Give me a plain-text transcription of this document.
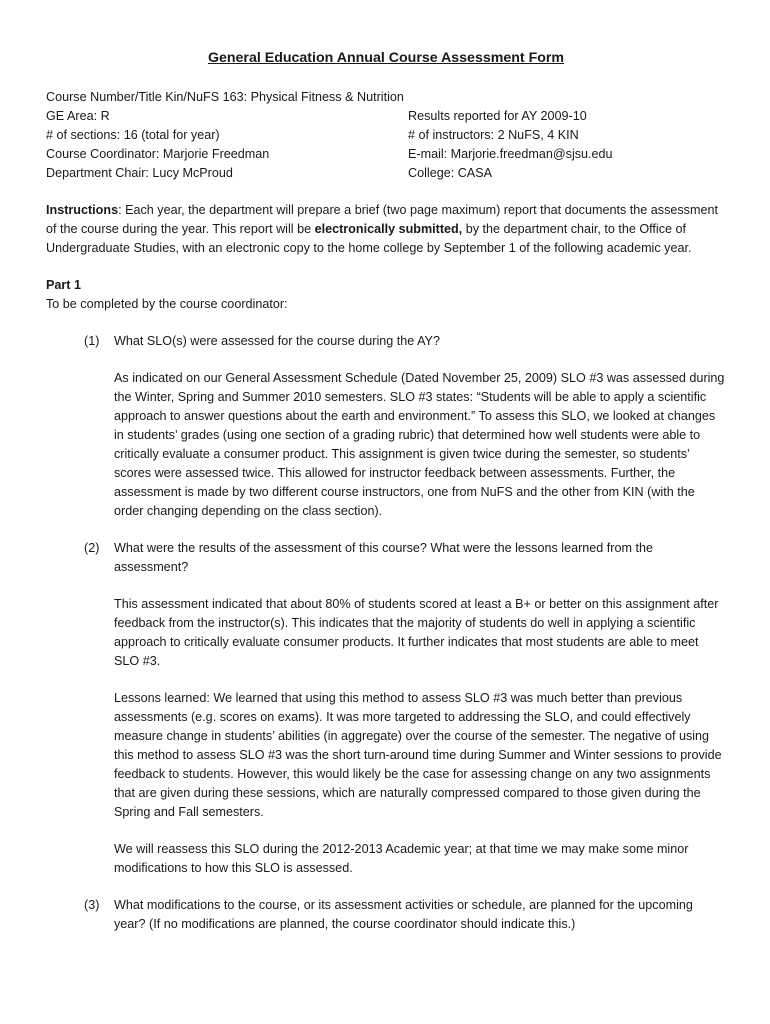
General Education Annual Course Assessment Form
Course Number/Title Kin/NuFS 163: Physical Fitness & Nutrition
GE Area: R	Results reported for AY 2009-10
# of sections: 16 (total for year)	# of instructors: 2 NuFS, 4 KIN
Course Coordinator: Marjorie Freedman	E-mail: Marjorie.freedman@sjsu.edu
Department Chair: Lucy McProud	College: CASA

Instructions: Each year, the department will prepare a brief (two page maximum) report that documents the assessment of the course during the year. This report will be electronically submitted, by the department chair, to the Office of Undergraduate Studies, with an electronic copy to the home college by September 1 of the following academic year.

Part 1

To be completed by the course coordinator:

(1)	What SLO(s) were assessed for the course during the AY?

As indicated on our General Assessment Schedule (Dated November 25, 2009) SLO #3 was assessed during the Winter, Spring and Summer 2010 semesters. SLO #3 states: “Students will be able to apply a scientific approach to answer questions about the earth and environment.” To assess this SLO, we looked at changes in students’ grades (using one section of a grading rubric) that determined how well students were able to critically evaluate a consumer product. This assignment is given twice during the semester, so students’ scores were assessed twice. This allowed for instructor feedback between assessments. Further, the assessment is made by two different course instructors, one from NuFS and the other from KIN (with the order changing depending on the class section).

(2)	What were the results of the assessment of this course? What were the lessons learned from the assessment?

This assessment indicated that about 80% of students scored at least a B+ or better on this assignment after feedback from the instructor(s). This indicates that the majority of students do well in applying a scientific approach to critically evaluate consumer products. It further indicates that most students are able to meet SLO #3.

Lessons learned: We learned that using this method to assess SLO #3 was much better than previous assessments (e.g. scores on exams). It was more targeted to addressing the SLO, and could effectively measure change in students’ abilities (in aggregate) over the course of the semester. The negative of using this method to assess SLO #3 was the short turn-around time during Summer and Winter sessions to provide feedback to students. However, this would likely be the case for assessing change on any two assignments that are given during these sessions, which are naturally compressed compared to those given during the Spring and Fall semesters.

We will reassess this SLO during the 2012-2013 Academic year; at that time we may make some minor modifications to how this SLO is assessed.

(3)	What modifications to the course, or its assessment activities or schedule, are planned for the upcoming year? (If no modifications are planned, the course coordinator should indicate this.)
